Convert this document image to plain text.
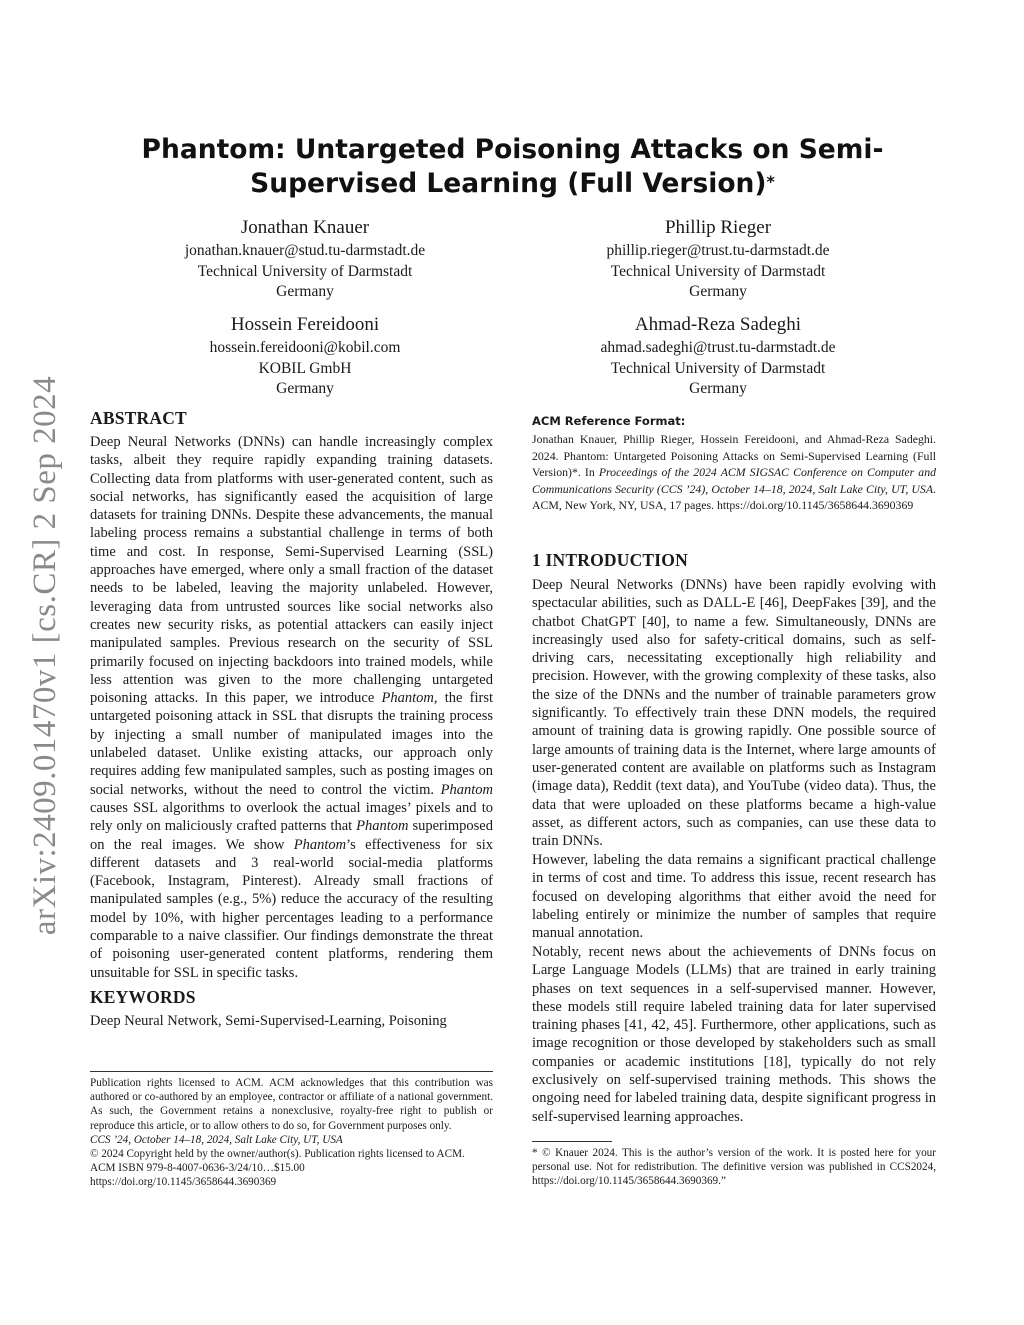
arXiv:2409.01470v1 [cs.CR] 2 Sep 2024
Phantom: Untargeted Poisoning Attacks on Semi-Supervised Learning (Full Version)*
Jonathan Knauer
jonathan.knauer@stud.tu-darmstadt.de
Technical University of Darmstadt
Germany
Phillip Rieger
phillip.rieger@trust.tu-darmstadt.de
Technical University of Darmstadt
Germany
Hossein Fereidooni
hossein.fereidooni@kobil.com
KOBIL GmbH
Germany
Ahmad-Reza Sadeghi
ahmad.sadeghi@trust.tu-darmstadt.de
Technical University of Darmstadt
Germany
ABSTRACT

Deep Neural Networks (DNNs) can handle increasingly complex tasks, albeit they require rapidly expanding training datasets. Collecting data from platforms with user-generated content, such as social networks, has significantly eased the acquisition of large datasets for training DNNs. Despite these advancements, the manual labeling process remains a substantial challenge in terms of both time and cost. In response, Semi-Supervised Learning (SSL) approaches have emerged, where only a small fraction of the dataset needs to be labeled, leaving the majority unlabeled. However, leveraging data from untrusted sources like social networks also creates new security risks, as potential attackers can easily inject manipulated samples. Previous research on the security of SSL primarily focused on injecting backdoors into trained models, while less attention was given to the more challenging untargeted poisoning attacks. In this paper, we introduce Phantom, the first untargeted poisoning attack in SSL that disrupts the training process by injecting a small number of manipulated images into the unlabeled dataset. Unlike existing attacks, our approach only requires adding few manipulated samples, such as posting images on social networks, without the need to control the victim. Phantom causes SSL algorithms to overlook the actual images’ pixels and to rely only on maliciously crafted patterns that Phantom superimposed on the real images. We show Phantom’s effectiveness for six different datasets and 3 real-world social-media platforms (Facebook, Instagram, Pinterest). Already small fractions of manipulated samples (e.g., 5%) reduce the accuracy of the resulting model by 10%, with higher percentages leading to a performance comparable to a naive classifier. Our findings demonstrate the threat of poisoning user-generated content platforms, rendering them unsuitable for SSL in specific tasks.

KEYWORDS

Deep Neural Network, Semi-Supervised-Learning, Poisoning

Publication rights licensed to ACM. ACM acknowledges that this contribution was authored or co-authored by an employee, contractor or affiliate of a national government. As such, the Government retains a nonexclusive, royalty-free right to publish or reproduce this article, or to allow others to do so, for Government purposes only.
CCS ’24, October 14–18, 2024, Salt Lake City, UT, USA
© 2024 Copyright held by the owner/author(s). Publication rights licensed to ACM.
ACM ISBN 979-8-4007-0636-3/24/10…$15.00
https://doi.org/10.1145/3658644.3690369
ACM Reference Format:
Jonathan Knauer, Phillip Rieger, Hossein Fereidooni, and Ahmad-Reza Sadeghi. 2024. Phantom: Untargeted Poisoning Attacks on Semi-Supervised Learning (Full Version)*. In Proceedings of the 2024 ACM SIGSAC Conference on Computer and Communications Security (CCS ’24), October 14–18, 2024, Salt Lake City, UT, USA. ACM, New York, NY, USA, 17 pages. https://doi.org/10.1145/3658644.3690369
1 INTRODUCTION

Deep Neural Networks (DNNs) have been rapidly evolving with spectacular abilities, such as DALL-E [46], DeepFakes [39], and the chatbot ChatGPT [40], to name a few. Simultaneously, DNNs are increasingly used also for safety-critical domains, such as self-driving cars, necessitating exceptionally high reliability and precision. However, with the growing complexity of these tasks, also the size of the DNNs and the number of trainable parameters grow significantly. To effectively train these DNN models, the required amount of training data is growing rapidly. One possible source of large amounts of training data is the Internet, where large amounts of user-generated content are available on platforms such as Instagram (image data), Reddit (text data), and YouTube (video data). Thus, the data that were uploaded on these platforms became a high-value asset, as different actors, such as companies, can use these data to train DNNs.

However, labeling the data remains a significant practical challenge in terms of cost and time. To address this issue, recent research has focused on developing algorithms that either avoid the need for labeling entirely or minimize the number of samples that require manual annotation.

Notably, recent news about the achievements of DNNs focus on Large Language Models (LLMs) that are trained in early training phases on text sequences in a self-supervised manner. However, these models still require labeled training data for later supervised training phases [41, 42, 45]. Furthermore, other applications, such as image recognition or those developed by stakeholders such as small companies or academic institutions [18], typically do not rely exclusively on self-supervised training methods. This shows the ongoing need for labeled training data, despite significant progress in self-supervised learning approaches.

* © Knauer 2024. This is the author’s version of the work. It is posted here for your personal use. Not for redistribution. The definitive version was published in CCS2024, https://doi.org/10.1145/3658644.3690369.”
